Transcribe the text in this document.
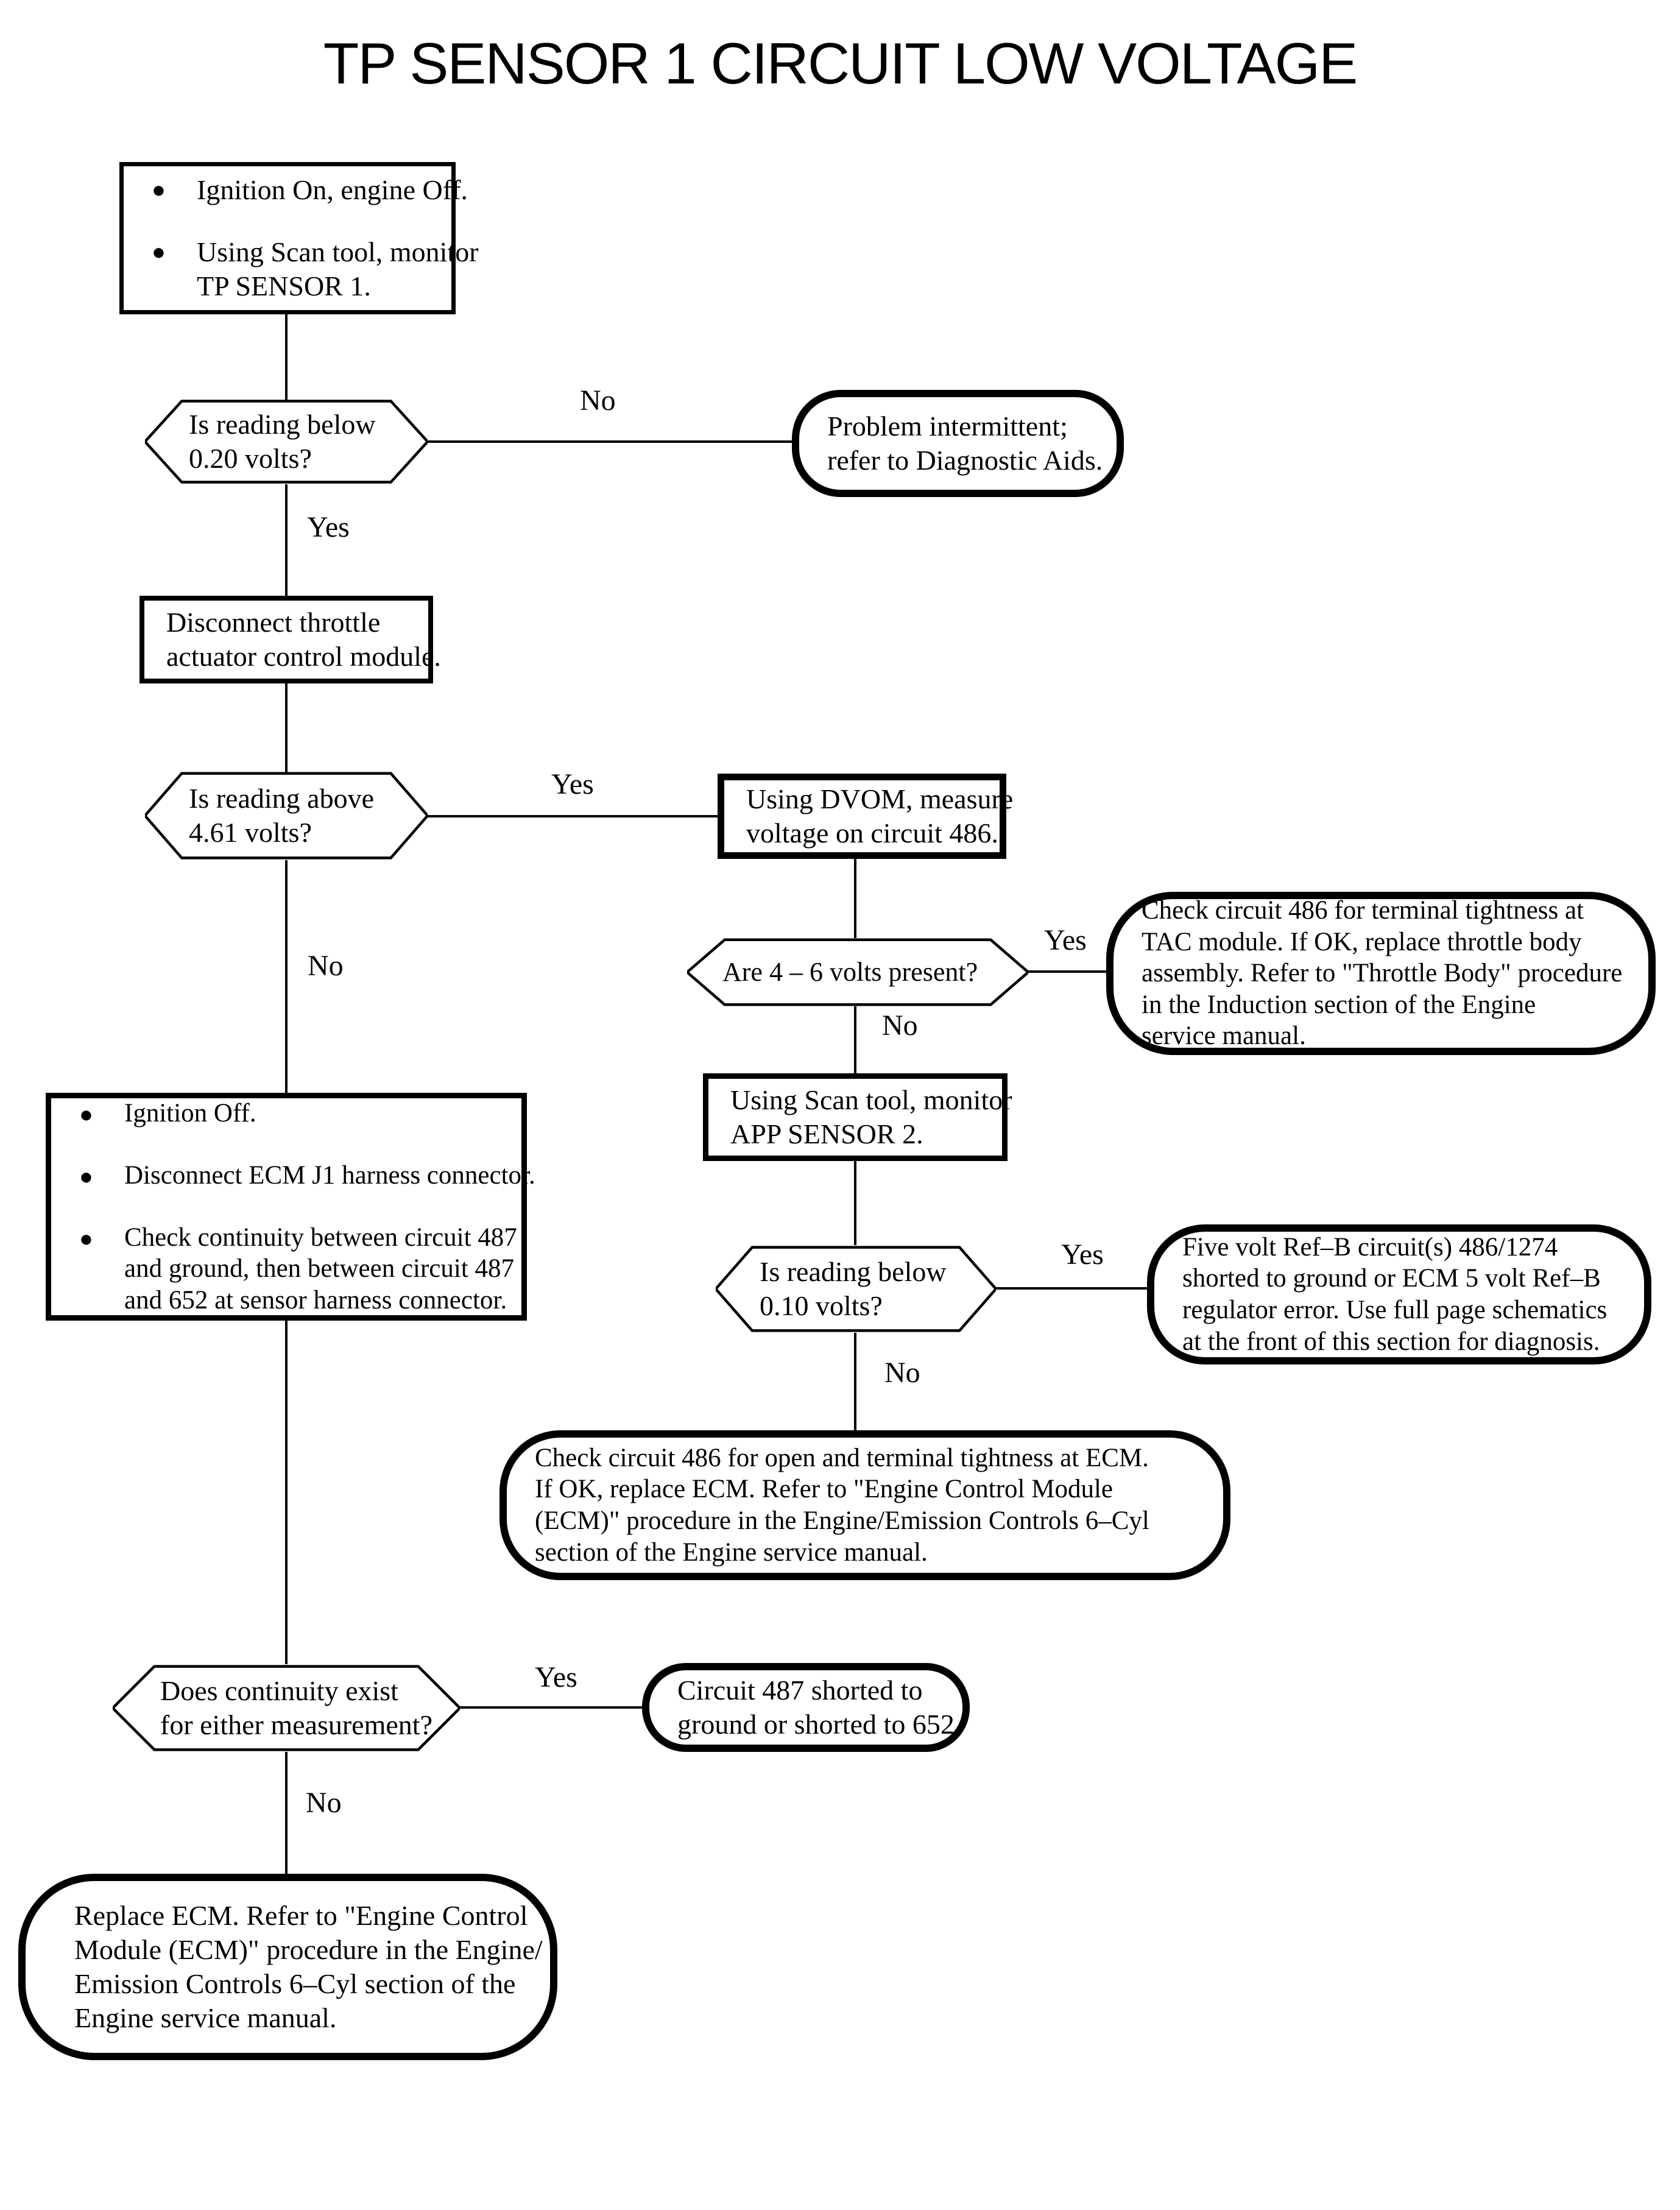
TP SENSOR 1 CIRCUIT LOW VOLTAGE
●	Ignition On, engine Off.
●	Using Scan tool, monitor
TP SENSOR 1.
Is reading below
0.20 volts?
No
Problem intermittent;
refer to Diagnostic Aids.
Yes
Disconnect throttle
actuator control module.
Is reading above
4.61 volts?
Yes	Using DVOM, measure
voltage on circuit 486.
No	Are 4 – 6 volts present?
Yes
Check circuit 486 for terminal tightness at
TAC module. If OK, replace throttle body
assembly. Refer to "Throttle Body" procedure
in the Induction section of the Engine
service manual.
No
Using Scan tool, monitor
APP SENSOR 2.
Is reading below
0.10 volts?
Yes	Five volt Ref–B circuit(s) 486/1274
shorted to ground or ECM 5 volt Ref–B
regulator error. Use full page schematics
at the front of this section for diagnosis.
No
Check circuit 486 for open and terminal tightness at ECM.
If OK, replace ECM. Refer to "Engine Control Module
(ECM)" procedure in the Engine/Emission Controls 6–Cyl
section of the Engine service manual.
●	Ignition Off.
●	Disconnect ECM J1 harness connector.
●	Check continuity between circuit 487
and ground, then between circuit 487
and 652 at sensor harness connector.
Does continuity exist
for either measurement?
Yes	Circuit 487 shorted to
ground or shorted to 652.
No
Replace ECM. Refer to "Engine Control
Module (ECM)" procedure in the Engine/
Emission Controls 6–Cyl section of the
Engine service manual.
